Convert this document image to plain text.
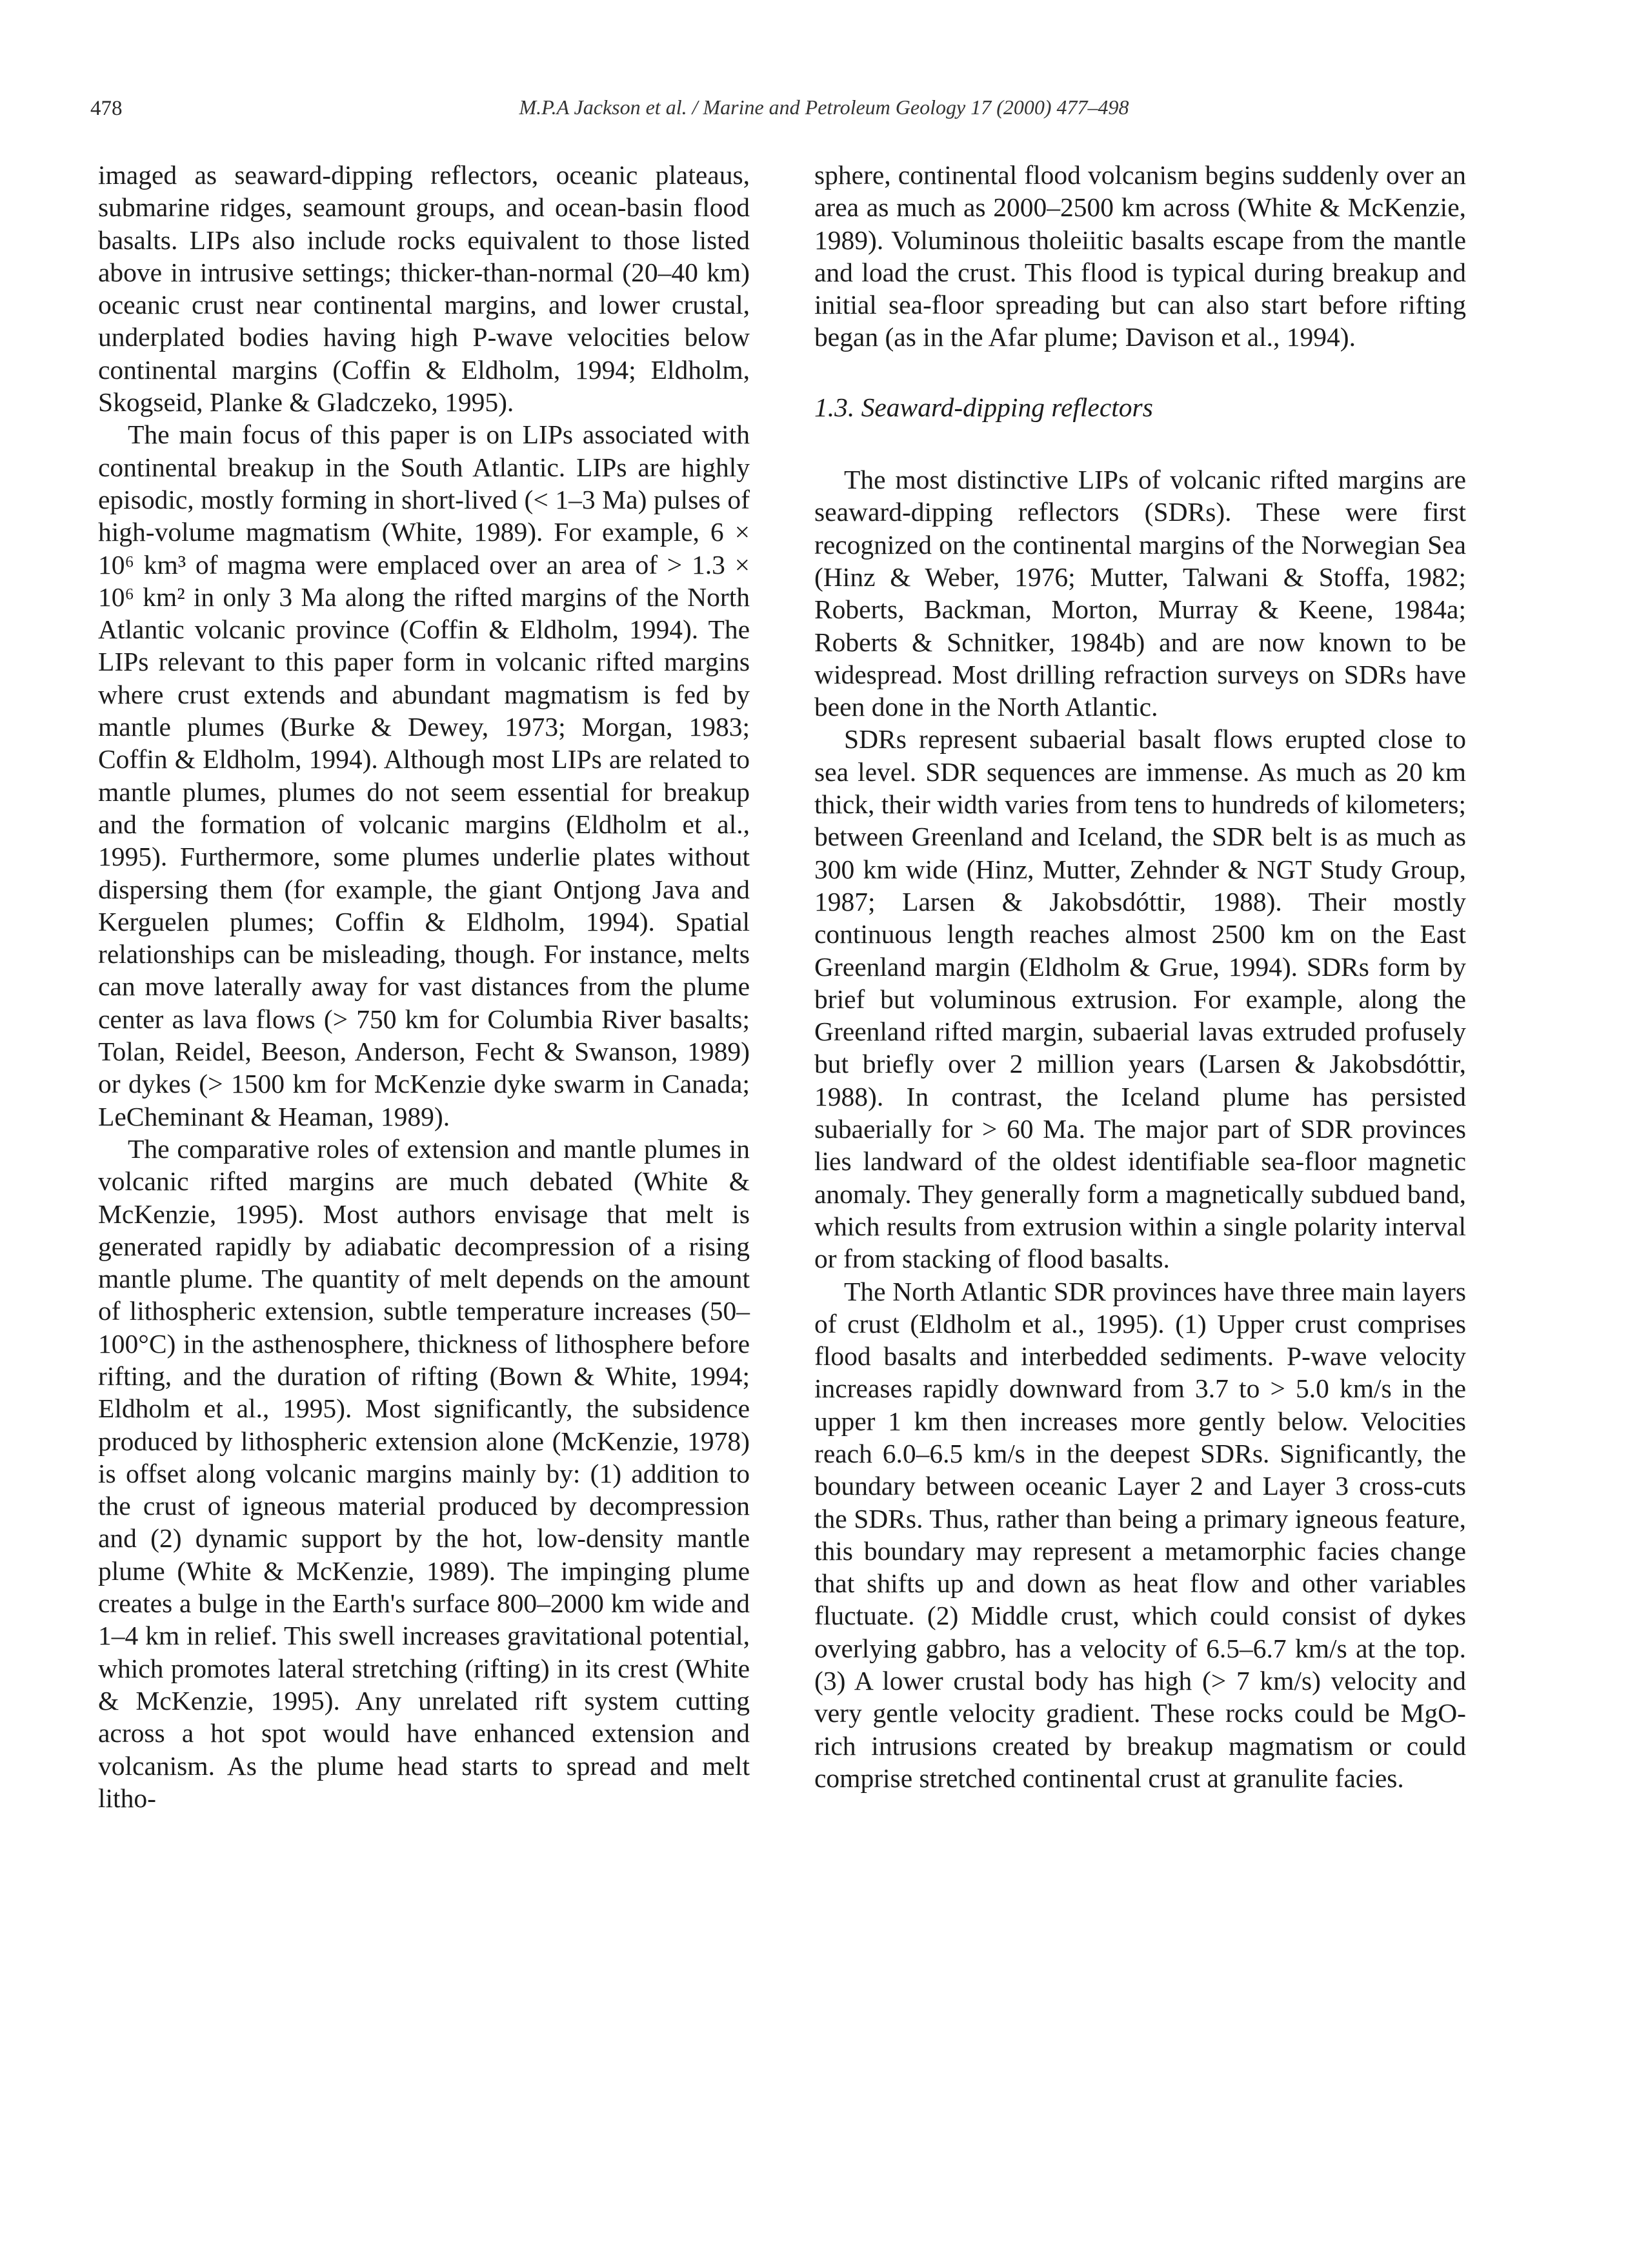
478	M.P.A Jackson et al. / Marine and Petroleum Geology 17 (2000) 477–498

imaged as seaward-dipping reflectors, oceanic plateaus, submarine ridges, seamount groups, and ocean-basin flood basalts. LIPs also include rocks equivalent to those listed above in intrusive settings; thicker-than-normal (20–40 km) oceanic crust near continental margins, and lower crustal, underplated bodies having high P-wave velocities below continental margins (Coffin & Eldholm, 1994; Eldholm, Skogseid, Planke & Gladczeko, 1995).

The main focus of this paper is on LIPs associated with continental breakup in the South Atlantic. LIPs are highly episodic, mostly forming in short-lived (< 1–3 Ma) pulses of high-volume magmatism (White, 1989). For example, 6 × 10⁶ km³ of magma were emplaced over an area of > 1.3 × 10⁶ km² in only 3 Ma along the rifted margins of the North Atlantic volcanic province (Coffin & Eldholm, 1994). The LIPs relevant to this paper form in volcanic rifted margins where crust extends and abundant magmatism is fed by mantle plumes (Burke & Dewey, 1973; Morgan, 1983; Coffin & Eldholm, 1994). Although most LIPs are related to mantle plumes, plumes do not seem essential for breakup and the formation of volcanic margins (Eldholm et al., 1995). Furthermore, some plumes underlie plates without dispersing them (for example, the giant Ontjong Java and Kerguelen plumes; Coffin & Eldholm, 1994). Spatial relationships can be misleading, though. For instance, melts can move laterally away for vast distances from the plume center as lava flows (> 750 km for Columbia River basalts; Tolan, Reidel, Beeson, Anderson, Fecht & Swanson, 1989) or dykes (> 1500 km for McKenzie dyke swarm in Canada; LeCheminant & Heaman, 1989).

The comparative roles of extension and mantle plumes in volcanic rifted margins are much debated (White & McKenzie, 1995). Most authors envisage that melt is generated rapidly by adiabatic decompression of a rising mantle plume. The quantity of melt depends on the amount of lithospheric extension, subtle temperature increases (50–100°C) in the asthenosphere, thickness of lithosphere before rifting, and the duration of rifting (Bown & White, 1994; Eldholm et al., 1995). Most significantly, the subsidence produced by lithospheric extension alone (McKenzie, 1978) is offset along volcanic margins mainly by: (1) addition to the crust of igneous material produced by decompression and (2) dynamic support by the hot, low-density mantle plume (White & McKenzie, 1989). The impinging plume creates a bulge in the Earth's surface 800–2000 km wide and 1–4 km in relief. This swell increases gravitational potential, which promotes lateral stretching (rifting) in its crest (White & McKenzie, 1995). Any unrelated rift system cutting across a hot spot would have enhanced extension and volcanism. As the plume head starts to spread and melt litho-

sphere, continental flood volcanism begins suddenly over an area as much as 2000–2500 km across (White & McKenzie, 1989). Voluminous tholeiitic basalts escape from the mantle and load the crust. This flood is typical during breakup and initial sea-floor spreading but can also start before rifting began (as in the Afar plume; Davison et al., 1994).

1.3. Seaward-dipping reflectors

The most distinctive LIPs of volcanic rifted margins are seaward-dipping reflectors (SDRs). These were first recognized on the continental margins of the Norwegian Sea (Hinz & Weber, 1976; Mutter, Talwani & Stoffa, 1982; Roberts, Backman, Morton, Murray & Keene, 1984a; Roberts & Schnitker, 1984b) and are now known to be widespread. Most drilling refraction surveys on SDRs have been done in the North Atlantic.

SDRs represent subaerial basalt flows erupted close to sea level. SDR sequences are immense. As much as 20 km thick, their width varies from tens to hundreds of kilometers; between Greenland and Iceland, the SDR belt is as much as 300 km wide (Hinz, Mutter, Zehnder & NGT Study Group, 1987; Larsen & Jakobsdóttir, 1988). Their mostly continuous length reaches almost 2500 km on the East Greenland margin (Eldholm & Grue, 1994). SDRs form by brief but voluminous extrusion. For example, along the Greenland rifted margin, subaerial lavas extruded profusely but briefly over 2 million years (Larsen & Jakobsdóttir, 1988). In contrast, the Iceland plume has persisted subaerially for > 60 Ma. The major part of SDR provinces lies landward of the oldest identifiable sea-floor magnetic anomaly. They generally form a magnetically subdued band, which results from extrusion within a single polarity interval or from stacking of flood basalts.

The North Atlantic SDR provinces have three main layers of crust (Eldholm et al., 1995). (1) Upper crust comprises flood basalts and interbedded sediments. P-wave velocity increases rapidly downward from 3.7 to > 5.0 km/s in the upper 1 km then increases more gently below. Velocities reach 6.0–6.5 km/s in the deepest SDRs. Significantly, the boundary between oceanic Layer 2 and Layer 3 cross-cuts the SDRs. Thus, rather than being a primary igneous feature, this boundary may represent a metamorphic facies change that shifts up and down as heat flow and other variables fluctuate. (2) Middle crust, which could consist of dykes overlying gabbro, has a velocity of 6.5–6.7 km/s at the top. (3) A lower crustal body has high (> 7 km/s) velocity and very gentle velocity gradient. These rocks could be MgO-rich intrusions created by breakup magmatism or could comprise stretched continental crust at granulite facies.
